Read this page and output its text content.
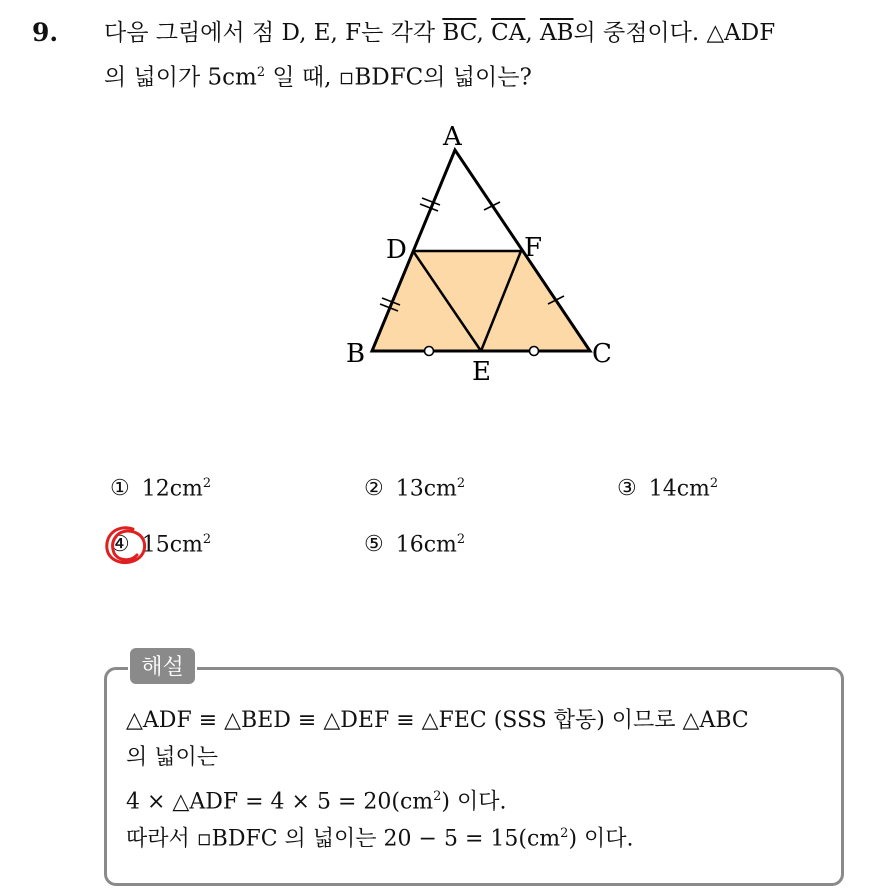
9. 다음 그림에서 점 D, E, F는 각각 $\overline{BC}$, $\overline{CA}$, $\overline{AB}$의 중점이다. △ADF
의 넓이가 $5cm^2$ 일 때, ▫BDFC의 넓이는?
A
B	C
D
E
F
① $12cm^2$	② $13cm^2$	③ $14cm^2$
④ $15cm^2$	⑤ $16cm^2$
해설
△ADF ≡ △BED ≡ △DEF ≡ △FEC (SSS 합동) 이므로 △ABC
의 넓이는
4 × △ADF = $4 \times 5 = 20(cm^2)$ 이다.
따라서 ▫BDFC 의 넓이는 $20 - 5 = 15(cm^2)$ 이다.
